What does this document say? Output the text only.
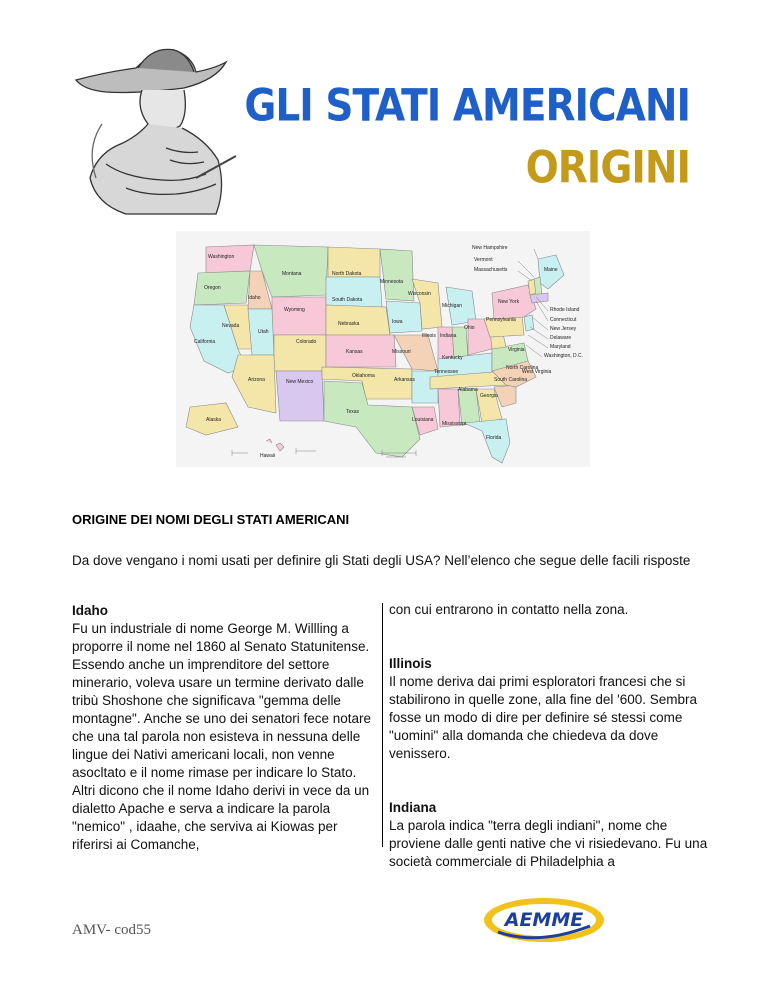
GLI STATI AMERICANI
ORIGINI
Washington
Oregon
California
Idaho
Nevada
Utah
Arizona
Montana
Wyoming
Colorado
New Mexico
North Dakota
South Dakota
Nebraska
Kansas
Oklahoma
Texas
Minnesota
Iowa
Missouri
Arkansas
Louisiana
Wisconsin
Illinois Indiana
Michigan
Ohio
Kentucky
Tennessee
Mississippi
Alabama
Georgia
Florida
South Carolina
North Carolina
Virginia
West Virginia
Pennsylvania
New York
Maine
Vermont
New Hampshire
Massachusetts
Rhode Island
Connecticut
New Jersey
Delaware
Maryland
Washington, D.C.
Alaska
Hawaii
ORIGINE DEI NOMI DEGLI STATI AMERICANI
Da dove vengano i nomi usati per definire gli Stati degli USA? Nell’elenco che segue delle facili risposte
Idaho

Fu un industriale di nome George M. Willling a proporre il nome nel 1860 al Senato Statunitense. Essendo anche un imprenditore del settore minerario, voleva usare un termine derivato dalle tribù Shoshone che significava "gemma delle montagne". Anche se uno dei senatori fece notare che una tal parola non esisteva in nessuna delle lingue dei Nativi americani locali, non venne asocltato e il nome rimase per indicare lo Stato. Altri dicono che il nome Idaho derivi in vece da un dialetto Apache e serva a indicare la parola "nemico" , idaahe, che serviva ai Kiowas per riferirsi ai Comanche,

con cui entrarono in contatto nella zona.

Illinois

Il nome deriva dai primi esploratori francesi che si stabilirono in quelle zone, alla fine del '600. Sembra fosse un modo di dire per definire sé stessi come "uomini" alla domanda che chiedeva da dove venissero.

Indiana

La parola indica "terra degli indiani", nome che proviene dalle genti native che vi risiedevano. Fu una società commerciale di Philadelphia a

AMV- cod55	AEMME
